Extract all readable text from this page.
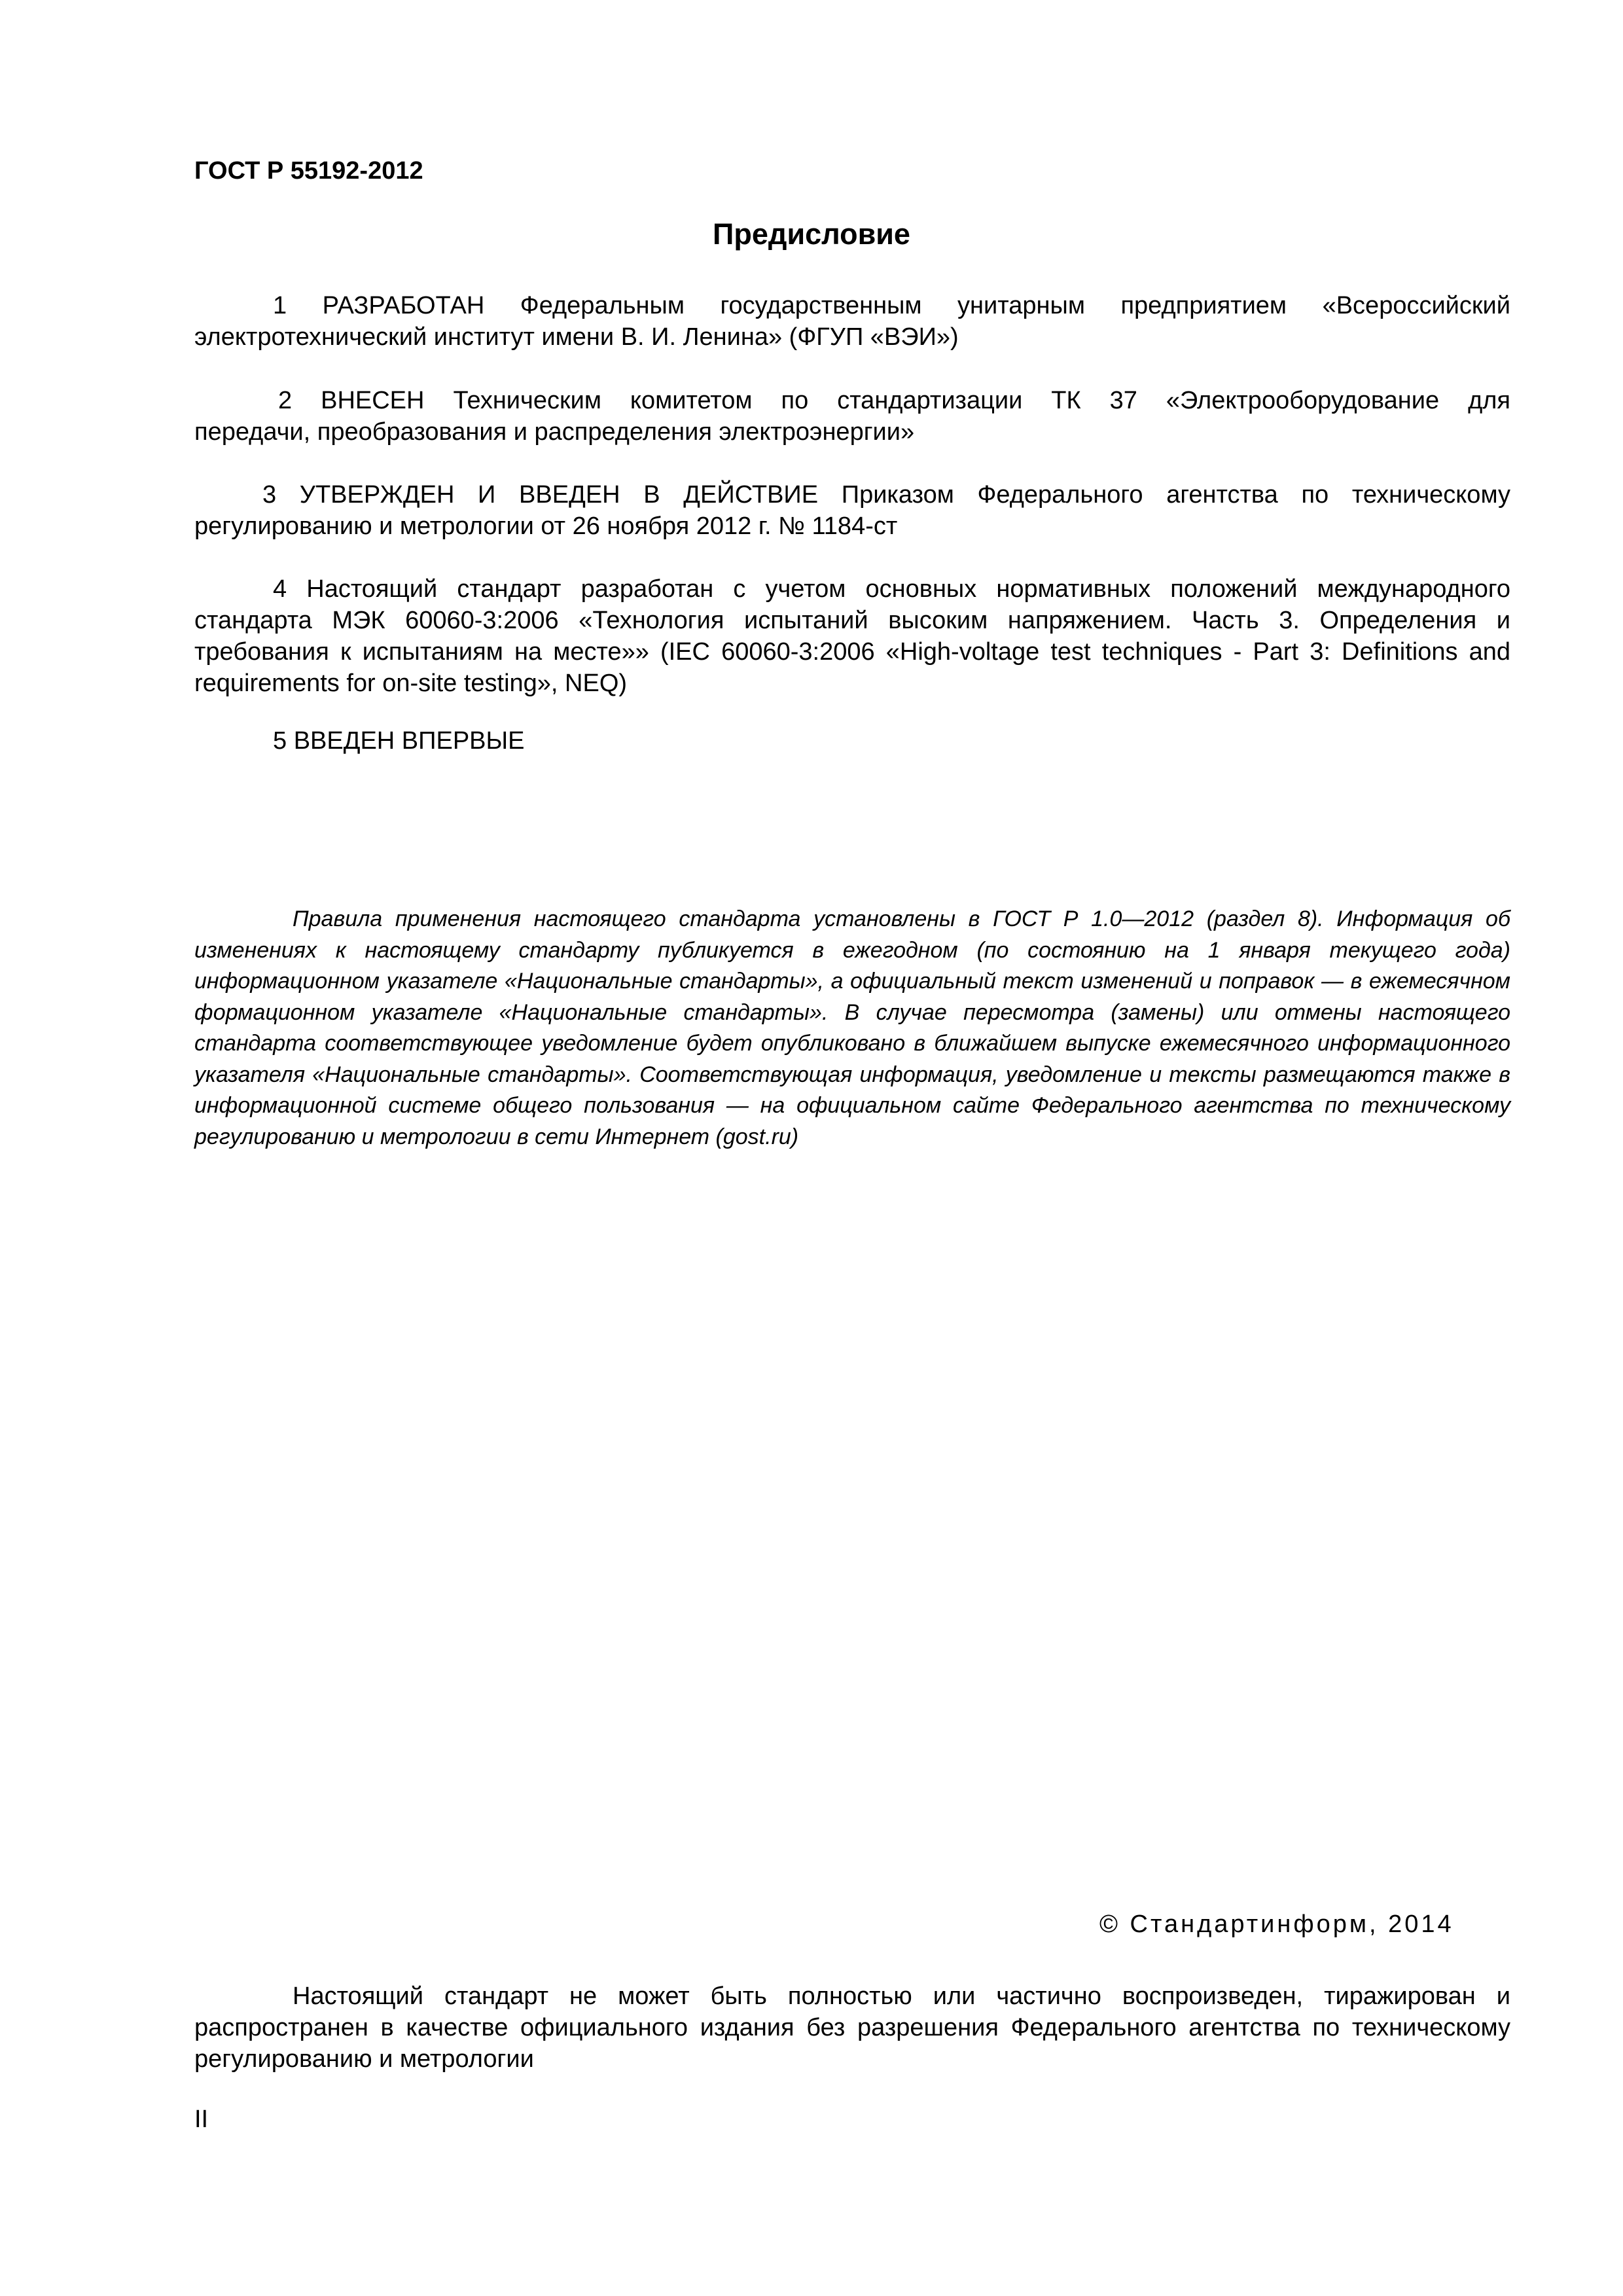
ГОСТ Р 55192-2012
Предисловие
1 РАЗРАБОТАН Федеральным государственным унитарным предприятием «Всероссийский
электротехнический институт имени В. И. Ленина» (ФГУП «ВЭИ»)
2 ВНЕСЕН Техническим комитетом по стандартизации ТК 37 «Электрооборудование для
передачи, преобразования и распределения электроэнергии»
3 УТВЕРЖДЕН И ВВЕДЕН В ДЕЙСТВИЕ Приказом Федерального агентства по техническому
регулированию и метрологии от 26 ноября 2012 г. № 1184-ст
4 Настоящий стандарт разработан с учетом основных нормативных положений международного стандарта МЭК 60060-3:2006 «Технология испытаний высоким напряжением. Часть 3. Определения и требования к испытаниям на месте»» (IEC 60060-3:2006 «High-voltage test techniques - Part 3: Definitions and requirements for on-site testing», NEQ)
5 ВВЕДЕН ВПЕРВЫЕ
Правила применения настоящего стандарта установлены в ГОСТ Р 1.0—2012 (раздел 8). Информация об изменениях к настоящему стандарту публикуется в ежегодном (по состоянию на 1 января текущего года) информационном указателе «Национальные стандарты», а официальный текст изменений и поправок — в ежемесячном формационном указателе «Национальные стандарты». В случае пересмотра (замены) или отмены настоящего стандарта соответствующее уведомление будет опубликовано в ближайшем выпуске ежемесячного информационного указателя «Национальные стандарты». Соответствующая информация, уведомление и тексты размещаются также в информационной системе общего пользования — на официальном сайте Федерального агентства по техническому регулированию и метрологии в сети Интернет (gost.ru)
© Стандартинформ, 2014
Настоящий стандарт не может быть полностью или частично воспроизведен, тиражирован и распространен в качестве официального издания без разрешения Федерального агентства по техническому регулированию и метрологии
II
